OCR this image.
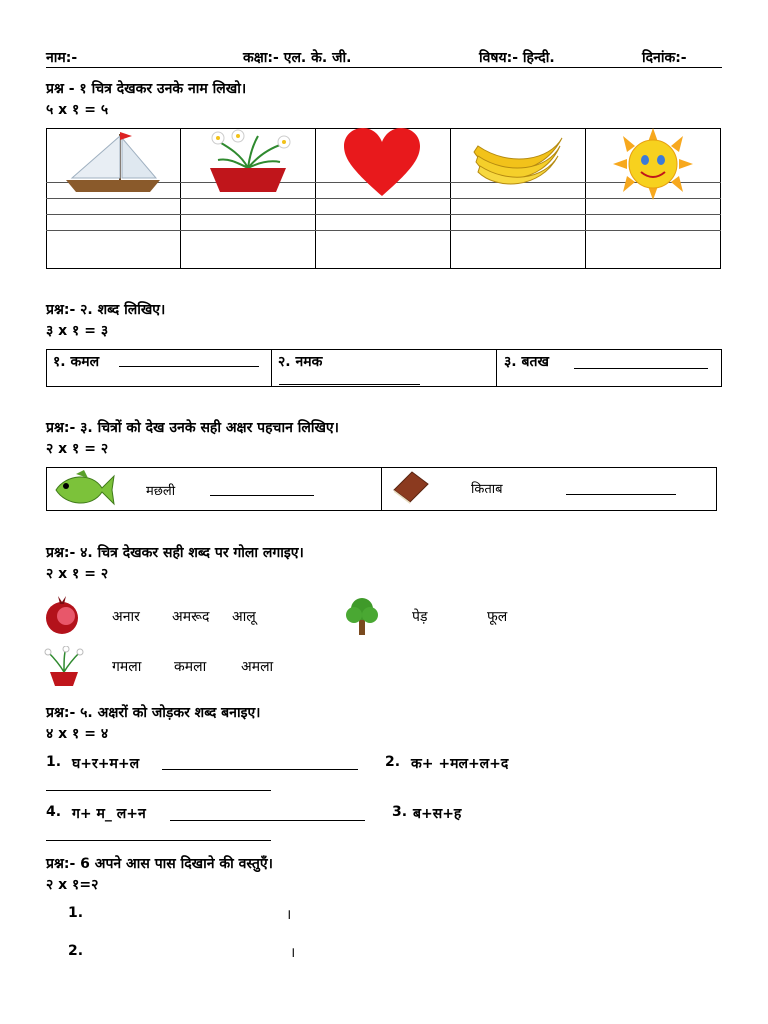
नाम:-	कक्षा:- एल. के. जी.	विषय:- हिन्दी.	दिनांक:-
प्रश्न - १ चित्र देखकर उनके नाम लिखो।
५ x १ = ५
प्रश्न:- २. शब्द लिखिए।
३ x १ = ३
१. कमल	२. नमक	३. बतख
प्रश्न:- ३. चित्रों को देख उनके सही अक्षर पहचान लिखिए।
२ x १ = २
मछली	किताब
प्रश्न:- ४. चित्र देखकर सही शब्द पर गोला लगाइए।
२ x १ = २
अनार अमरूद आलू	पेड़	फूल
गमला कमला अमला
प्रश्न:- ५. अक्षरों को जोड़कर शब्द बनाइए।
४ x १ = ४
1. घ+र+म+ल	2. क+ +मल+ल+द
4. ग+ म_ ल+न	3. ब+स+ह
प्रश्न:- 6 अपने आस पास दिखाने की वस्तुएँ।
२ x १=२
1.	।
2.	।
